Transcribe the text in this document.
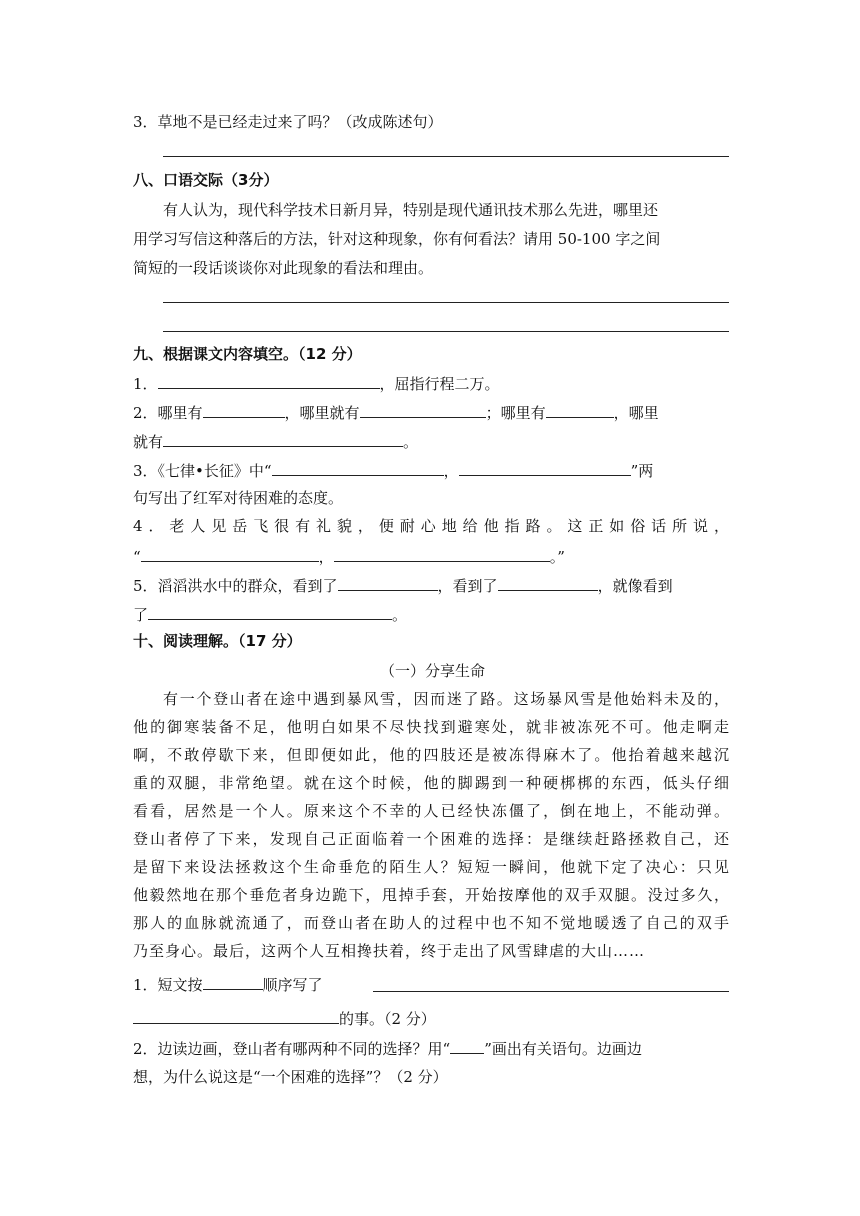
3．草地不是已经走过来了吗？（改成陈述句）
八、口语交际（3分）
有人认为，现代科学技术日新月异，特别是现代通讯技术那么先进，哪里还
用学习写信这种落后的方法，针对这种现象，你有何看法？请用 50-100 字之间
简短的一段话谈谈你对此现象的看法和理由。
九、根据课文内容填空。（12 分）
1．	，屈指行程二万。
2．哪里有	，哪里就有	；哪里有	，哪里
就有	。
3．《七律•长征》中“	，	”两
句写出了红军对待困难的态度。
4．老人见岳飞很有礼貌，便耐心地给他指路。这正如俗话所说，
“	，	。”
5．滔滔洪水中的群众，看到了	，看到了	，就像看到
了	。
十、阅读理解。（17 分）
（一）分享生命
有一个登山者在途中遇到暴风雪，因而迷了路。这场暴风雪是他始料未及的，
他的御寒装备不足，他明白如果不尽快找到避寒处，就非被冻死不可。他走啊走
啊，不敢停歇下来，但即便如此，他的四肢还是被冻得麻木了。他抬着越来越沉
重的双腿，非常绝望。就在这个时候，他的脚踢到一种硬梆梆的东西，低头仔细
看看，居然是一个人。原来这个不幸的人已经快冻僵了，倒在地上，不能动弹。
登山者停了下来，发现自己正面临着一个困难的选择：是继续赶路拯救自己，还
是留下来设法拯救这个生命垂危的陌生人？短短一瞬间，他就下定了决心：只见
他毅然地在那个垂危者身边跪下，甩掉手套，开始按摩他的双手双腿。没过多久，
那人的血脉就流通了，而登山者在助人的过程中也不知不觉地暖透了自己的双手
乃至身心。最后，这两个人互相搀扶着，终于走出了风雪肆虐的大山……
1．短文按	顺序写了
的事。（2 分）
2．边读边画，登山者有哪两种不同的选择？用“ ”画出有关语句。边画边
想，为什么说这是“一个困难的选择”？（2 分）
